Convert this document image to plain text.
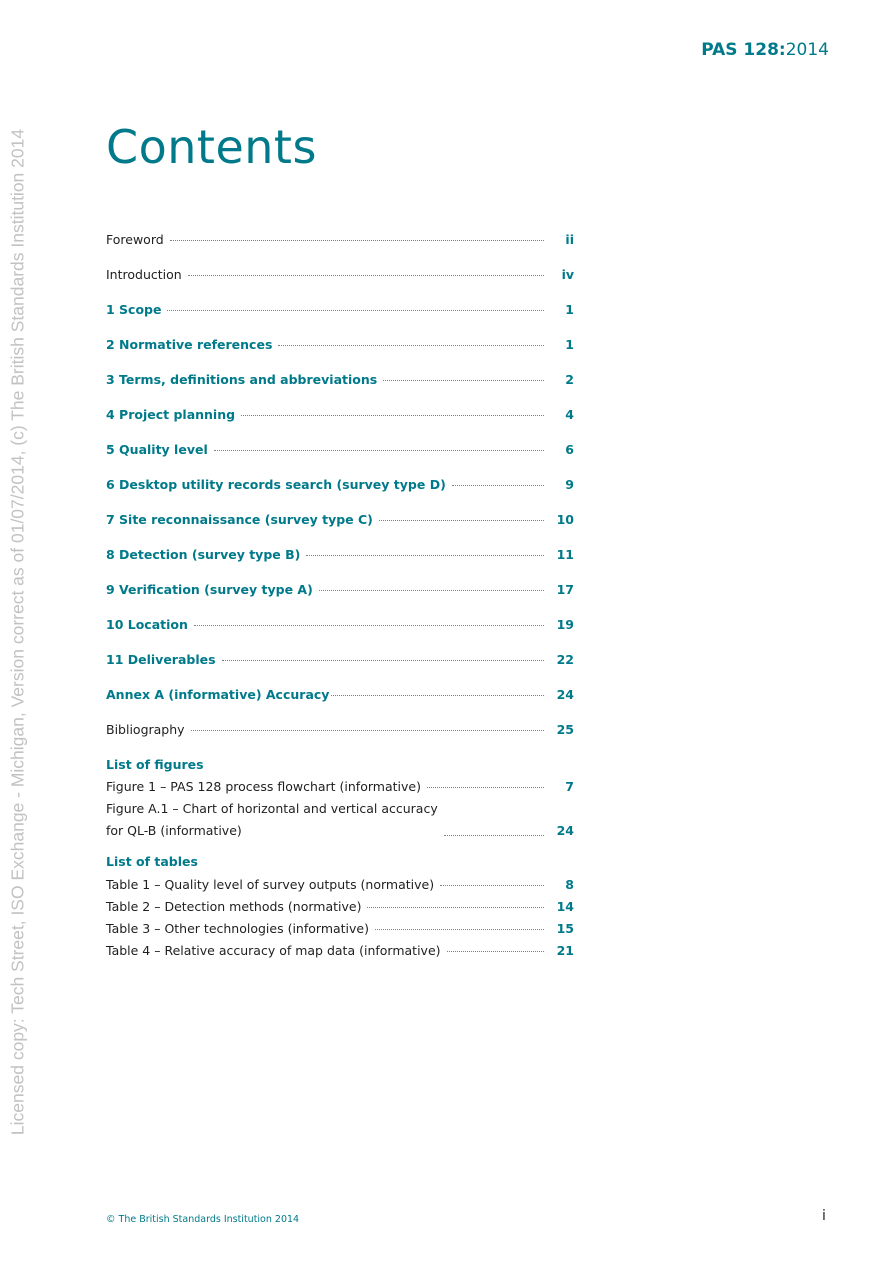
Licensed copy: Tech Street, ISO Exchange - Michigan, Version correct as of 01/07/2014, (c) The British Standards Institution 2014
PAS 128:2014
Contents
Foreword	ii
Introduction	iv
1 Scope	1
2 Normative references	1
3 Terms, definitions and abbreviations	2
4 Project planning	4
5 Quality level	6
6 Desktop utility records search (survey type D)	9
7 Site reconnaissance (survey type C)	10
8 Detection (survey type B)	11
9 Verification (survey type A)	17
10 Location	19
11 Deliverables	22
Annex A (informative) Accuracy	24
Bibliography	25
List of figures
Figure 1 – PAS 128 process flowchart (informative)	7
Figure A.1 – Chart of horizontal and vertical accuracy
for QL-B (informative)	24
List of tables
Table 1 – Quality level of survey outputs (normative)	8
Table 2 – Detection methods (normative)	14
Table 3 – Other technologies (informative)	15
Table 4 – Relative accuracy of map data (informative)	21
© The British Standards Institution 2014	i
